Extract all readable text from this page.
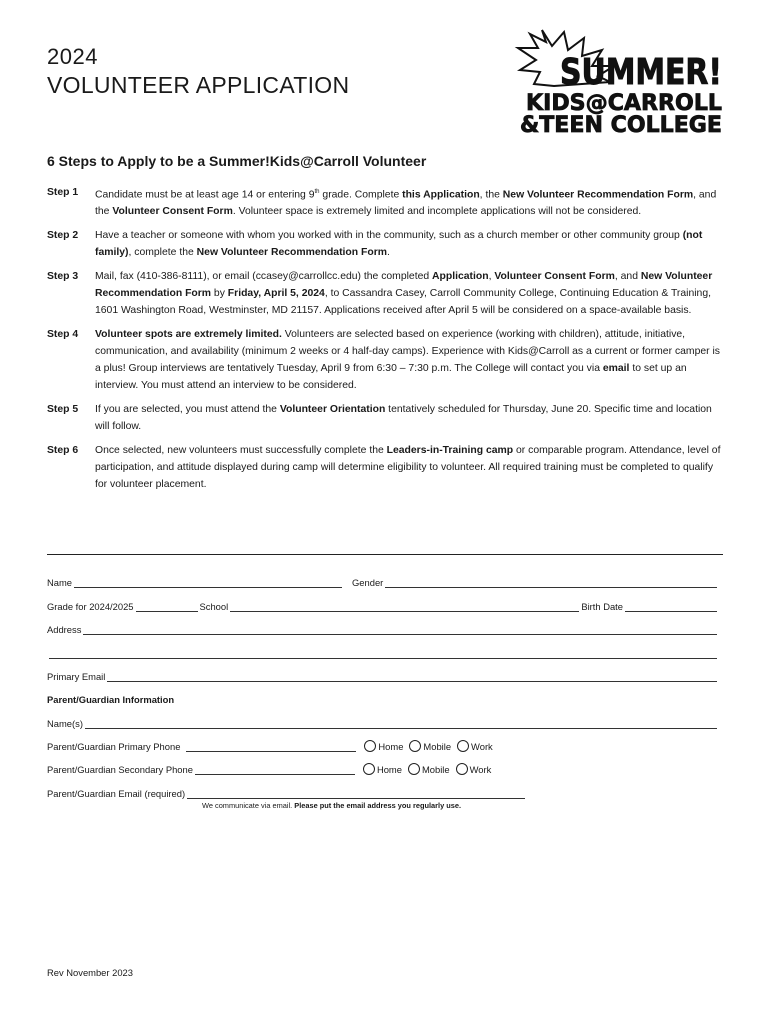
2024
VOLUNTEER APPLICATION	SUMMER!
KIDS@CARROLL
&TEEN COLLEGE
6 Steps to Apply to be a Summer!Kids@Carroll Volunteer
Step 1	Candidate must be at least age 14 or entering 9th grade. Complete this Application, the New Volunteer Recommendation Form, and the Volunteer Consent Form. Volunteer space is extremely limited and incomplete applications will not be considered.
Step 2	Have a teacher or someone with whom you worked with in the community, such as a church member or other community group (not family), complete the New Volunteer Recommendation Form.
Step 3	Mail, fax (410-386-8111), or email (ccasey@carrollcc.edu) the completed Application, Volunteer Consent Form, and New Volunteer Recommendation Form by Friday, April 5, 2024, to Cassandra Casey, Carroll Community College, Continuing Education & Training, 1601 Washington Road, Westminster, MD 21157. Applications received after April 5 will be considered on a space-available basis.
Step 4	Volunteer spots are extremely limited. Volunteers are selected based on experience (working with children), attitude, initiative, communication, and availability (minimum 2 weeks or 4 half-day camps). Experience with Kids@Carroll as a current or former camper is a plus! Group interviews are tentatively Tuesday, April 9 from 6:30 – 7:30 p.m. The College will contact you via email to set up an interview. You must attend an interview to be considered.
Step 5	If you are selected, you must attend the Volunteer Orientation tentatively scheduled for Thursday, June 20. Specific time and location will follow.
Step 6	Once selected, new volunteers must successfully complete the Leaders-in-Training camp or comparable program. Attendance, level of participation, and attitude displayed during camp will determine eligibility to volunteer. All required training must be completed to qualify for volunteer placement.
Name	Gender
Grade for 2024/2025	School	Birth Date
Address
Primary Email
Parent/Guardian Information
Name(s)
Parent/Guardian Primary Phone	Home Mobile Work
Parent/Guardian Secondary Phone	Home Mobile Work
Parent/Guardian Email (required)
We communicate via email. Please put the email address you regularly use.
Rev November 2023
